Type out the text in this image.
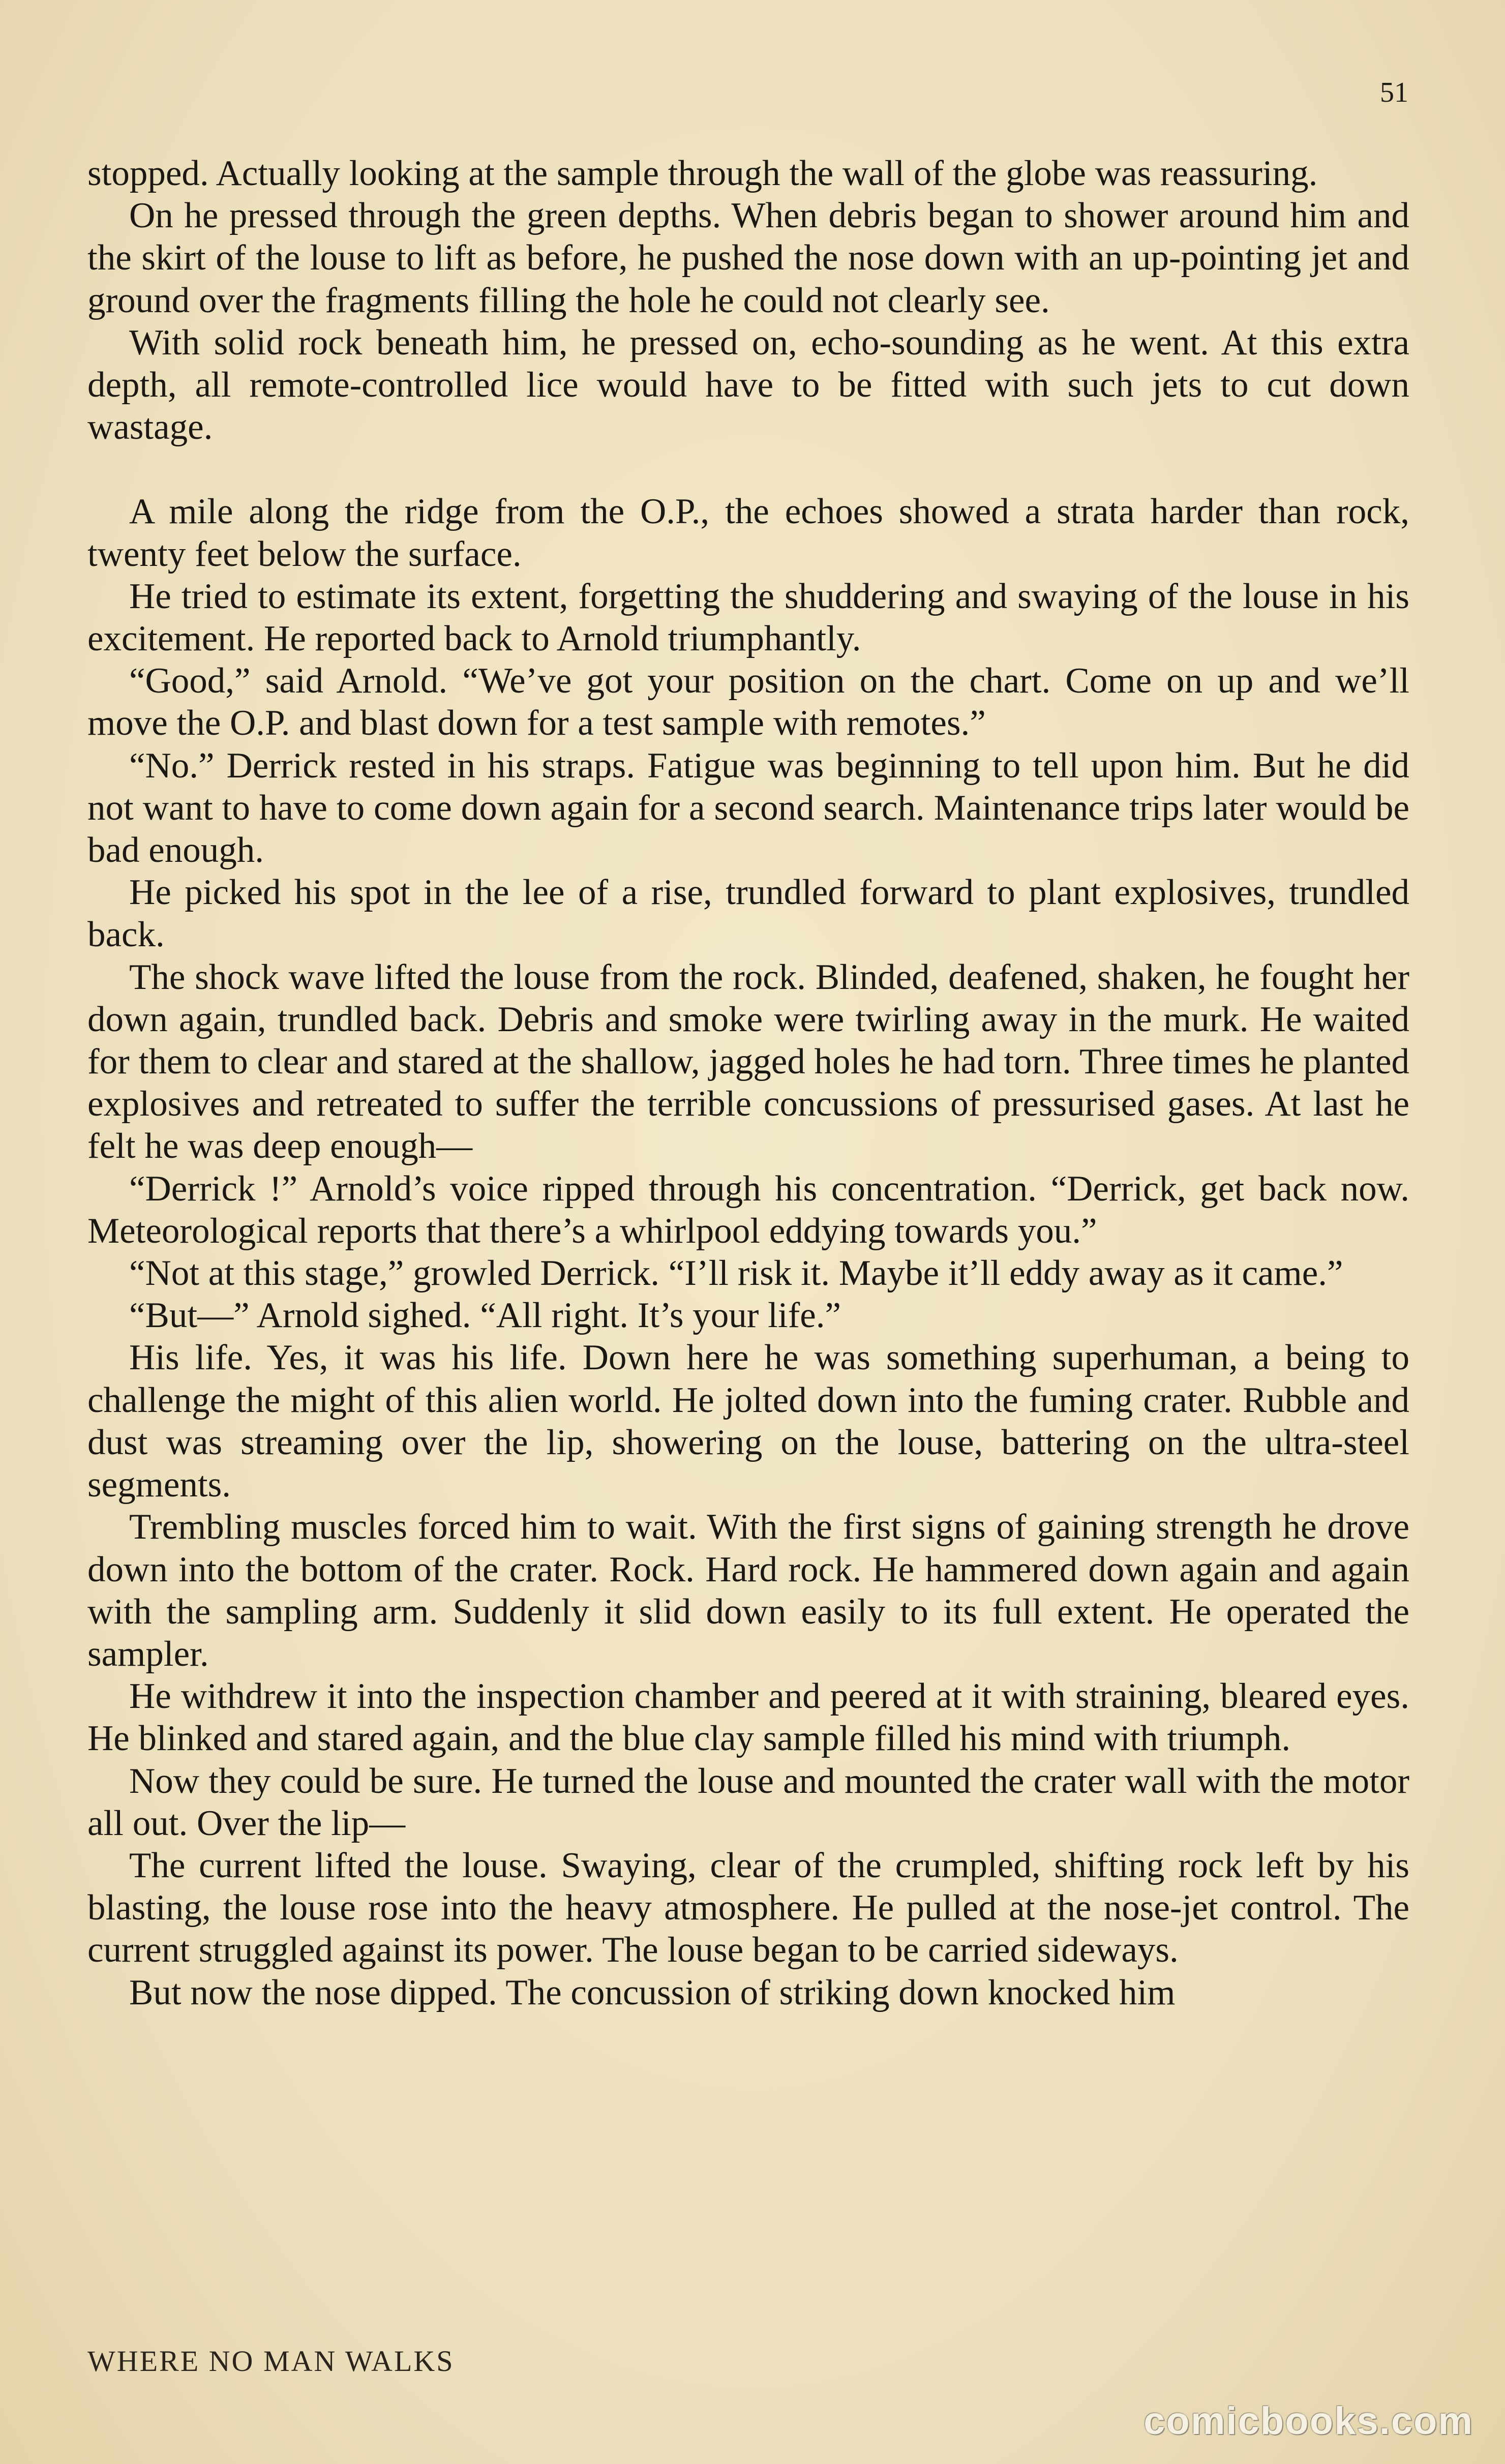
51

stopped. Actually looking at the sample through the wall of the globe was reassuring.

On he pressed through the green depths. When debris began to shower around him and the skirt of the louse to lift as before, he pushed the nose down with an up-pointing jet and ground over the fragments filling the hole he could not clearly see.

With solid rock beneath him, he pressed on, echo-sounding as he went. At this extra depth, all remote-controlled lice would have to be fitted with such jets to cut down wastage.

A mile along the ridge from the O.P., the echoes showed a strata harder than rock, twenty feet below the surface.

He tried to estimate its extent, forgetting the shuddering and swaying of the louse in his excitement. He reported back to Arnold triumphantly.

“Good,” said Arnold. “We’ve got your position on the chart. Come on up and we’ll move the O.P. and blast down for a test sample with remotes.”

“No.” Derrick rested in his straps. Fatigue was beginning to tell upon him. But he did not want to have to come down again for a second search. Maintenance trips later would be bad enough.

He picked his spot in the lee of a rise, trundled forward to plant explosives, trundled back.

The shock wave lifted the louse from the rock. Blinded, deafened, shaken, he fought her down again, trundled back. Debris and smoke were twirling away in the murk. He waited for them to clear and stared at the shallow, jagged holes he had torn. Three times he planted explosives and retreated to suffer the terrible concussions of pressurised gases. At last he felt he was deep enough—

“Derrick !” Arnold’s voice ripped through his concentration. “Derrick, get back now. Meteorological reports that there’s a whirlpool eddying towards you.”

“Not at this stage,” growled Derrick. “I’ll risk it. Maybe it’ll eddy away as it came.”

“But—” Arnold sighed. “All right. It’s your life.”

His life. Yes, it was his life. Down here he was something superhuman, a being to challenge the might of this alien world. He jolted down into the fuming crater. Rubble and dust was streaming over the lip, showering on the louse, battering on the ultra-steel segments.

Trembling muscles forced him to wait. With the first signs of gaining strength he drove down into the bottom of the crater. Rock. Hard rock. He hammered down again and again with the sampling arm. Suddenly it slid down easily to its full extent. He operated the sampler.

He withdrew it into the inspection chamber and peered at it with straining, bleared eyes. He blinked and stared again, and the blue clay sample filled his mind with triumph.

Now they could be sure. He turned the louse and mounted the crater wall with the motor all out. Over the lip—

The current lifted the louse. Swaying, clear of the crumpled, shifting rock left by his blasting, the louse rose into the heavy atmosphere. He pulled at the nose-jet control. The current struggled against its power. The louse began to be carried sideways.

But now the nose dipped. The concussion of striking down knocked him

WHERE NO MAN WALKS
comicbooks.com
